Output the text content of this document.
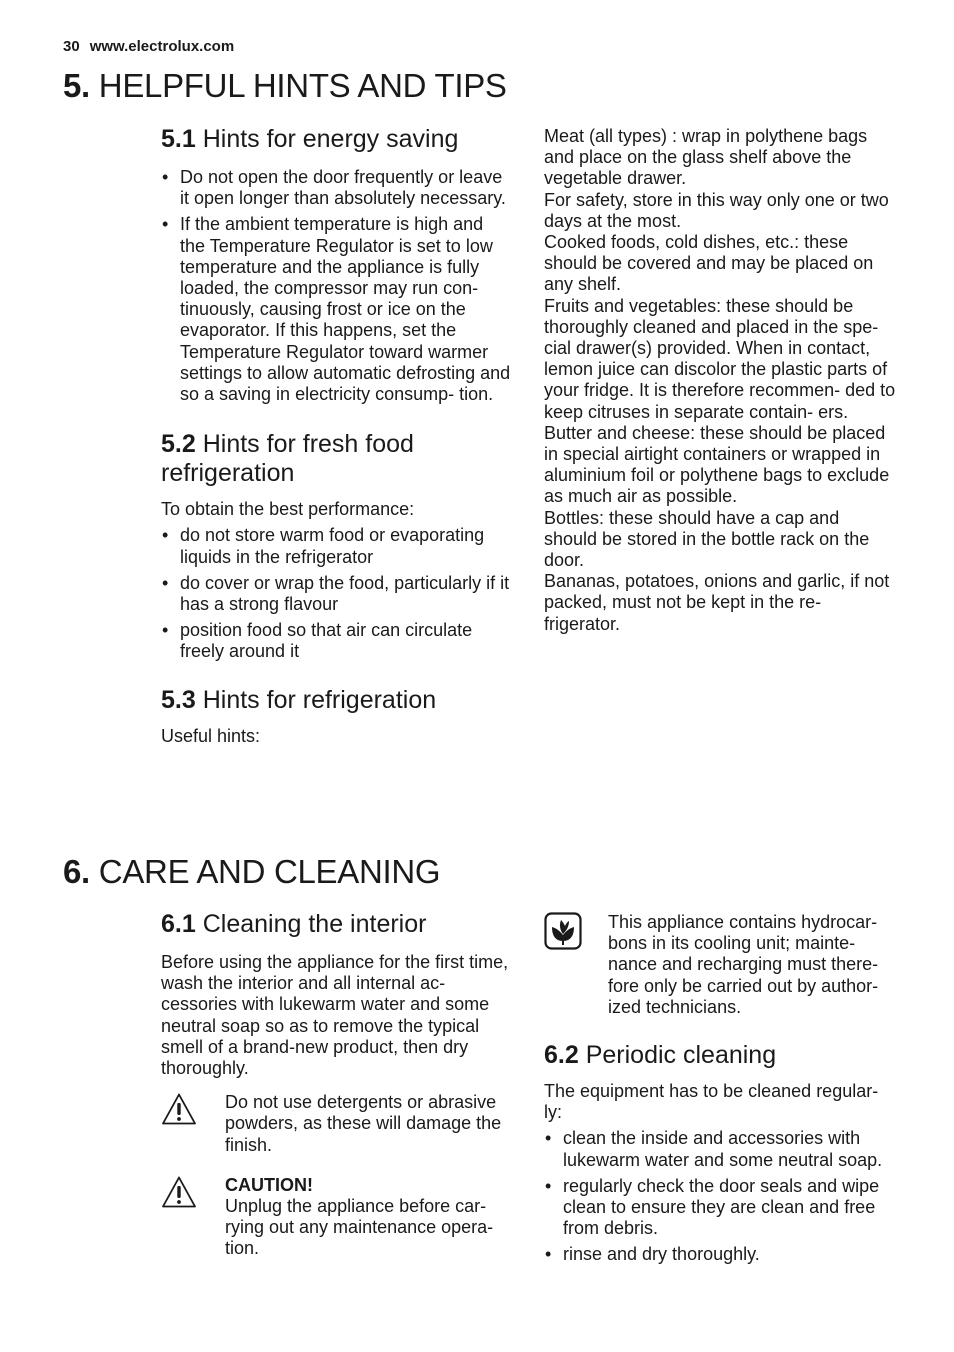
30 www.electrolux.com
5. HELPFUL HINTS AND TIPS
5.1 Hints for energy saving
• Do not open the door frequently or leave it open longer than absolutely necessary.
• If the ambient temperature is high and the Temperature Regulator is set to low temperature and the appliance is fully loaded, the compressor may run con- tinuously, causing frost or ice on the evaporator. If this happens, set the Temperature Regulator toward warmer settings to allow automatic defrosting and so a saving in electricity consump- tion.
5.2 Hints for fresh food refrigeration

To obtain the best performance:

• do not store warm food or evaporating liquids in the refrigerator
• do cover or wrap the food, particularly if it has a strong flavour
• position food so that air can circulate freely around it
5.3 Hints for refrigeration

Useful hints:

Meat (all types) : wrap in polythene bags and place on the glass shelf above the vegetable drawer.

For safety, store in this way only one or two days at the most.

Cooked foods, cold dishes, etc.: these should be covered and may be placed on any shelf.

Fruits and vegetables: these should be thoroughly cleaned and placed in the spe- cial drawer(s) provided. When in contact, lemon juice can discolor the plastic parts of your fridge. It is therefore recommen- ded to keep citruses in separate contain- ers.

Butter and cheese: these should be placed in special airtight containers or wrapped in aluminium foil or polythene bags to exclude as much air as possible.

Bottles: these should have a cap and should be stored in the bottle rack on the door.

Bananas, potatoes, onions and garlic, if not packed, must not be kept in the re- frigerator.

6. CARE AND CLEANING
6.1 Cleaning the interior

Before using the appliance for the first time, wash the interior and all internal ac- cessories with lukewarm water and some neutral soap so as to remove the typical smell of a brand-new product, then dry thoroughly.

Do not use detergents or abrasive powders, as these will damage the finish.

CAUTION!

Unplug the appliance before car- rying out any maintenance opera- tion.

This appliance contains hydrocar- bons in its cooling unit; mainte- nance and recharging must there- fore only be carried out by author- ized technicians.

6.2 Periodic cleaning

The equipment has to be cleaned regular- ly:

• clean the inside and accessories with lukewarm water and some neutral soap.
• regularly check the door seals and wipe clean to ensure they are clean and free from debris.
• rinse and dry thoroughly.
